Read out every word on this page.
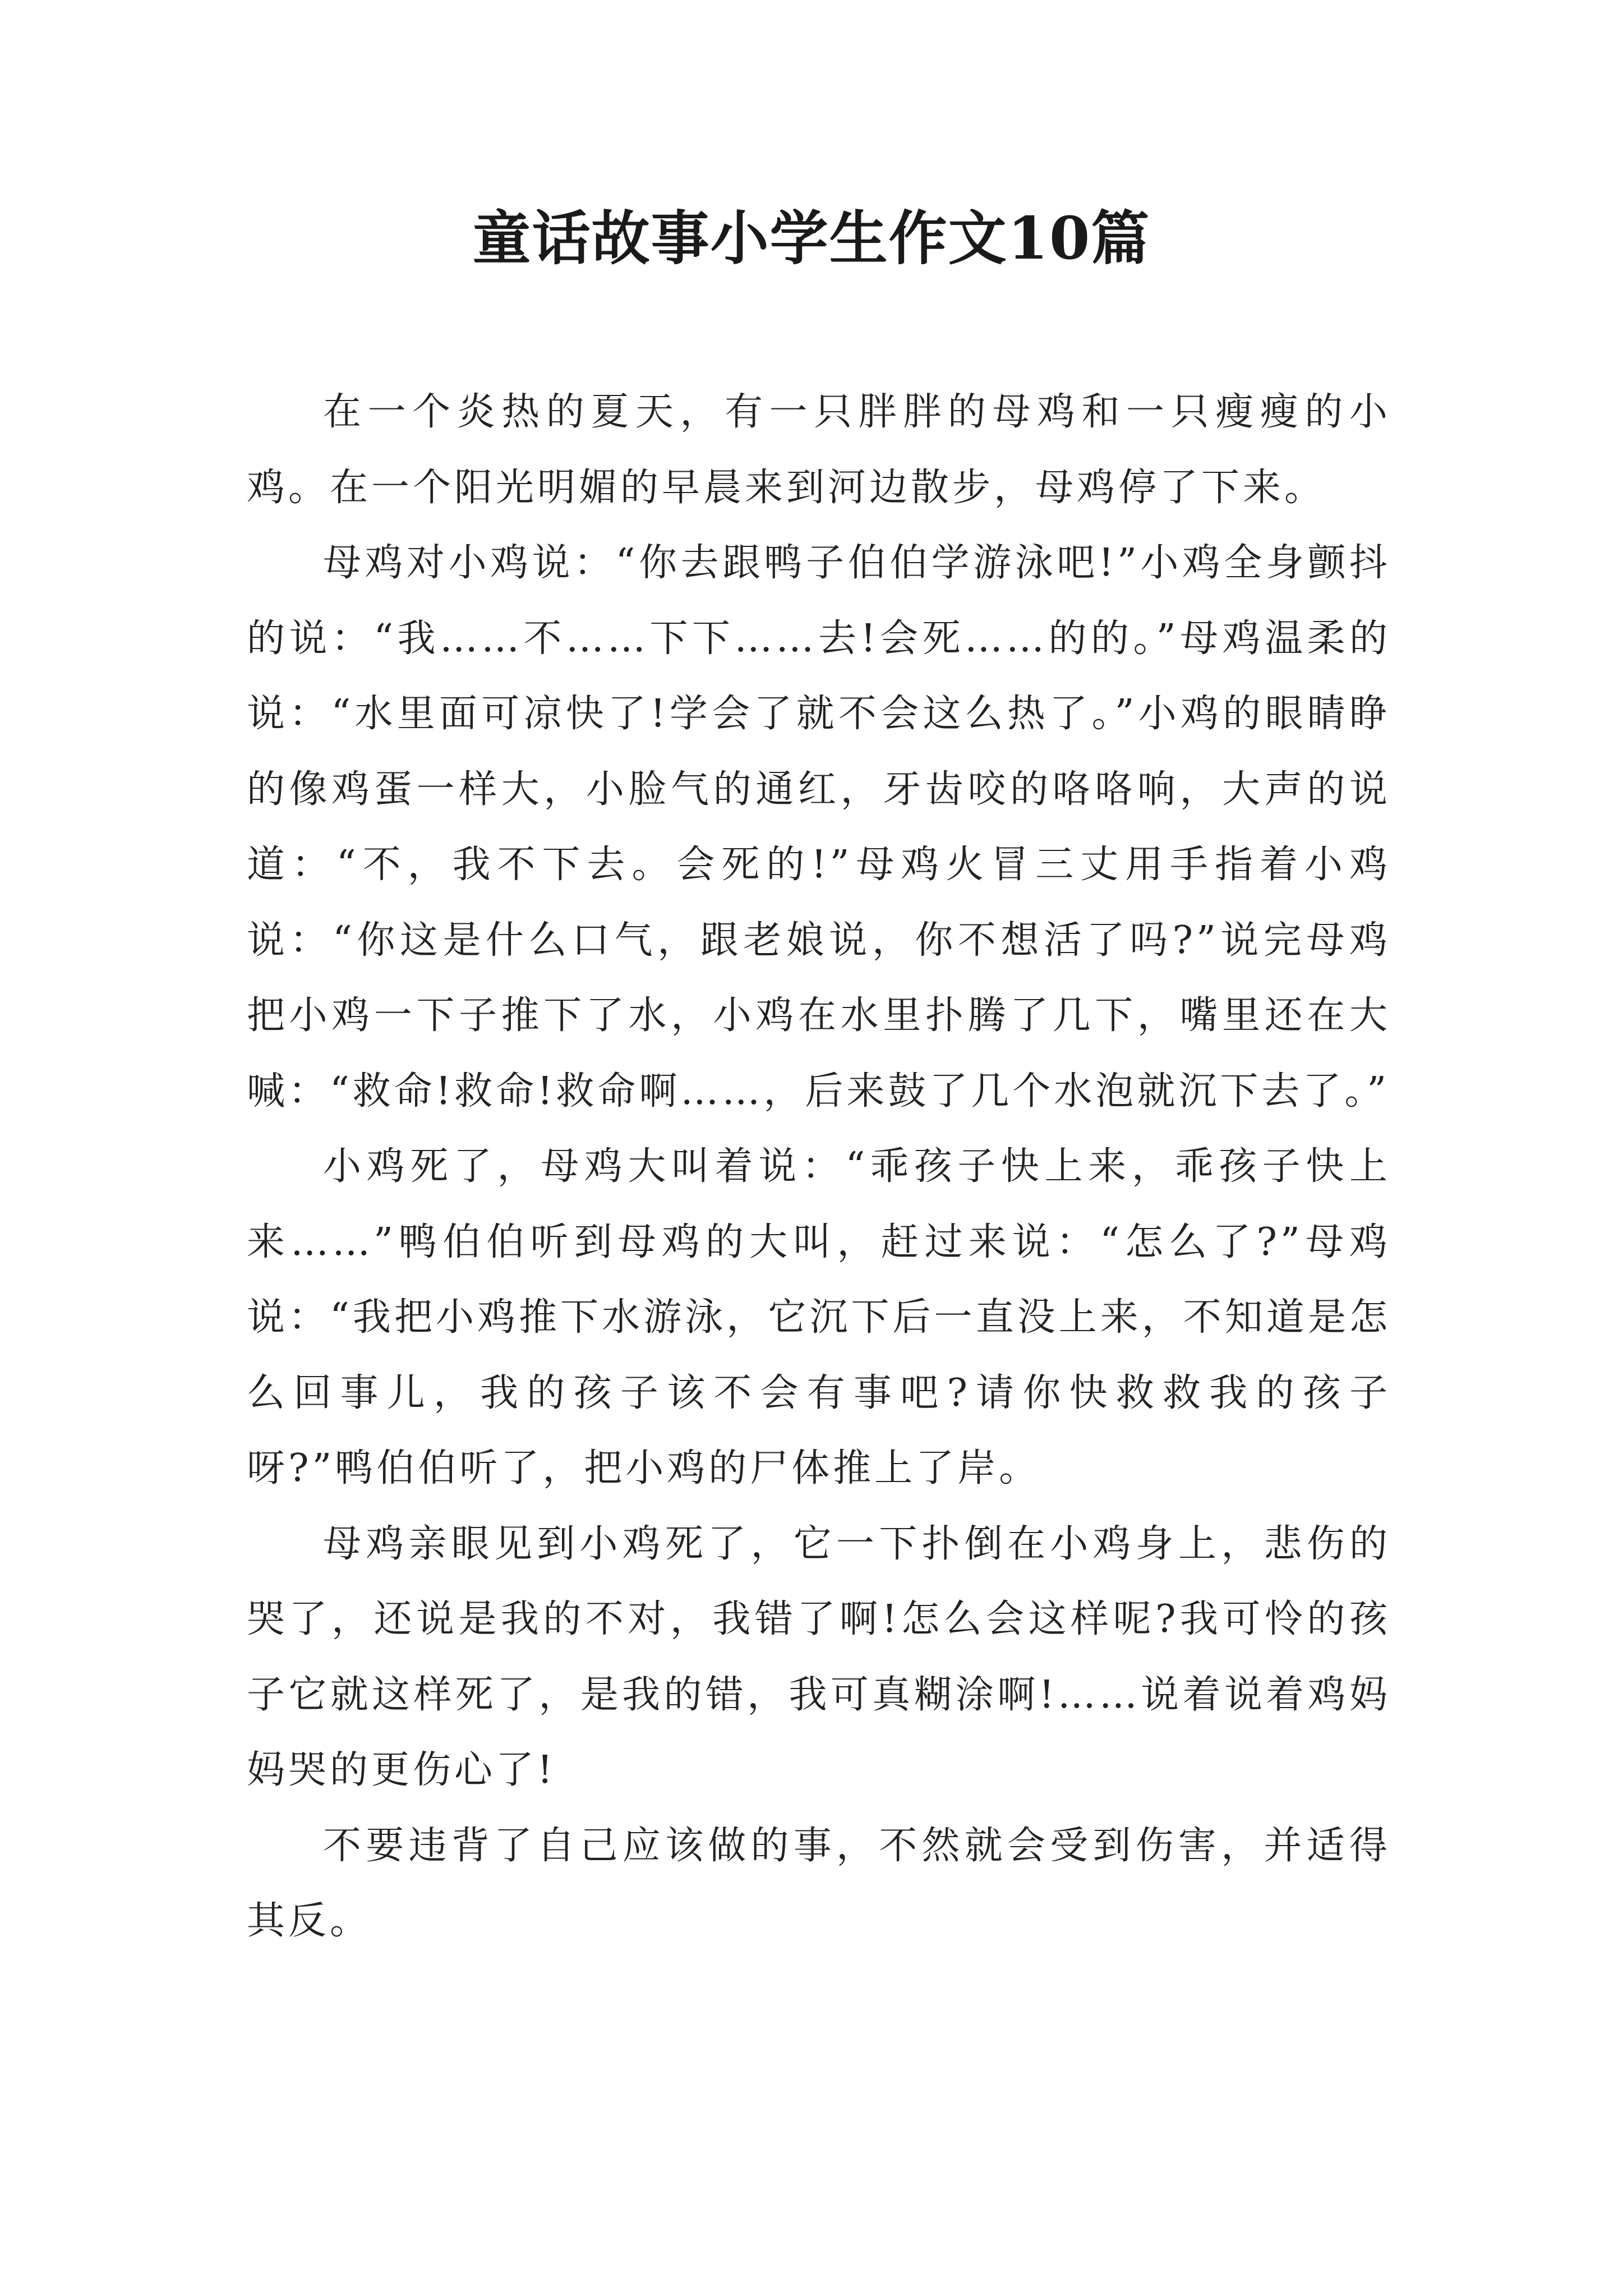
童话故事小学生作文10篇

在一个炎热的夏天，有一只胖胖的母鸡和一只瘦瘦的小鸡。在一个阳光明媚的早晨来到河边散步，母鸡停了下来。

母鸡对小鸡说：“你去跟鸭子伯伯学游泳吧!”小鸡全身颤抖的说：“我……不……下下……去!会死……的的。”母鸡温柔的说：“水里面可凉快了!学会了就不会这么热了。”小鸡的眼睛睁的像鸡蛋一样大，小脸气的通红，牙齿咬的咯咯响，大声的说道：“不，我不下去。会死的!”母鸡火冒三丈用手指着小鸡说：“你这是什么口气，跟老娘说，你不想活了吗?”说完母鸡把小鸡一下子推下了水，小鸡在水里扑腾了几下，嘴里还在大喊：“救命!救命!救命啊……，后来鼓了几个水泡就沉下去了。”

小鸡死了，母鸡大叫着说：“乖孩子快上来，乖孩子快上来……”鸭伯伯听到母鸡的大叫，赶过来说：“怎么了?”母鸡说：“我把小鸡推下水游泳，它沉下后一直没上来，不知道是怎么回事儿，我的孩子该不会有事吧?请你快救救我的孩子呀?”鸭伯伯听了，把小鸡的尸体推上了岸。

母鸡亲眼见到小鸡死了，它一下扑倒在小鸡身上，悲伤的哭了，还说是我的不对，我错了啊!怎么会这样呢?我可怜的孩子它就这样死了，是我的错，我可真糊涂啊!……说着说着鸡妈妈哭的更伤心了!

不要违背了自己应该做的事，不然就会受到伤害，并适得其反。
